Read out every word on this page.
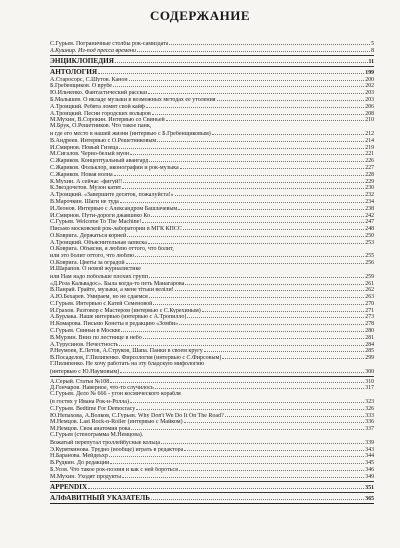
СОДЕРЖАНИЕ
С.Гурьев. Пограничные столбы рок-самиздата	5
А.Кушнир. Из-под пресса времени	8
ЭНЦИКЛОПЕДИЯ	11
АНТОЛОГИЯ	199
А.Старосорс, С.Шутов. Канон	200
Б.Гребенщиков. О врубе	202
Ю.Ильченко. Фантастический рассказ	203
Б.Малышев. О вкладе музыки в возможных методах ее утоления	203
А.Троицкий. Ребята ломят свой кайф	206
А.Троицкий. Песни городских волыров	208
М.Мухин, В.Сорокин. Интервью со Свиньей	210
М.Брук, О.Решетников. Что такое панк,
и где его место в нашей жизни (интервью с Б.Гребенщиковым)	212
В.Андреев. Интервью с О.Решетниковым	214
И.Смирнов. Новый Гизеца	219
М.Сигалов. Черно-белый муон	221
С.Жариков. Концептуальный авангард	226
С.Жариков. Фольклор, иконографии и рок-музыка	227
С.Жариков. Новая волна	228
К.Мухин. А сейчас -фигуй!!	229
К.Звездочетов. Музон катит	230
А.Троицкий. «Завершите десяток, пожалуйста!»	232
В.Марочкин. Шаги не туда	234
И.Леонов. Интервью с Александром Башлачевым	238
И.Смирнов. Пути-дороги джавшеко Ко	242
С.Гурьев. Welcome To The Machine!	247
Письмо московской рок-лаборатории в МГК КПСС	248
О.Коврига. Держаться корней	250
А.Троицкий. Объяснительная записка	253
О.Коврига. Объясни, я люблю оттого, что болит,
или это болит оттого, что люблю	255
О.Коврига. Цветы за оградой	256
И.Шарапов. О новой журналистике
или Нам надо побольше плохих групп	259
«Д.Роза Кальвадос». Была когда-то петь Манагарова	261
В.Панрай. Грайте, музыки, а мене тітьки веліли!	262
А.Ю.Бехарев. Умираем, но не сдаемся	263
С.Гурьев. Интервью с Катей Семеновой	270
И.Грахов. Разговор с Мастером (интервью с С.Курехиным)	271
А.Бурлака. Наше интервью (интервью с А.Тропилло)	273
Н.Комарова. Письмо Конеты в редакцию «Зомби»	278
С.Гурьев. Свиньи в Москве	280
В.Мурзин. Вниз по лестнице в небо	281
А.Турусинов. Нечестность	284
Р.Неумоев, Е.Летов, А.Струков, Шапа. Панки в своем кругу	285
В.Посаделов, Г.Пилипенко. Фирсология (интервью с С.Фирсовым)	299
Г.Пилипенко. Не хочу работать на эту бладскую мифологию
(интервью с Ю.Наумовым)	300
А.Серый. Статья №108	310
Д.Гончаров. Наверное, что-то случилось	317
С.Гурьев. Дело № 666 - угон космического корабля
(в гостях у Ивана Рок-н-Ролла)	323
С.Гурьев. Bedtime For Democracy	326
Ю.Непахова, А.Волков, С.Гурьев. Why Don't We Do It On The Road?	333
М.Немцов. Last Rock-n-Roller (интервью с Майком)	336
М.Немцов. Своя анатомия рока	337
С.Гурьев (стенограмма М.Немцова).
Вожатый перепутал троллейбусные кольца	339
Э.Куряткинова. Трудно (вообще) играть в редактора	343
Н.Баранова. Мейдеьхр	344
В.Рудкин. До редакции	345
Б.Усов. Что такое рок-поэзия и как с ней бороться	346
М.Мухин. Уходят продукты	349
APPENDIX	351
АЛФАВИТНЫЙ УКАЗАТЕЛЬ	365
